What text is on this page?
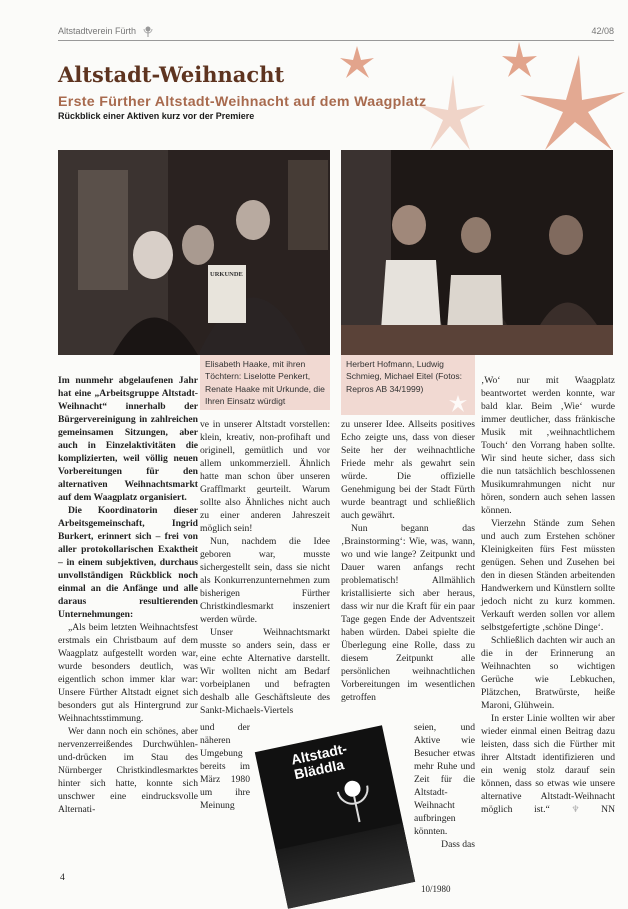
Altstadtverein Fürth	42/08
Altstadt-Weihnacht
Erste Fürther Altstadt-Weihnacht auf dem Waagplatz
Rückblick einer Aktiven kurz vor der Premiere
URKUNDE
Elisabeth Haake, mit ihren Töchtern: Liselotte Penkert, Renate Haake mit Urkunde, die Ihren Einsatz würdigt
Herbert Hofmann, Ludwig Schmieg, Michael Eitel (Fotos: Repros AB 34/1999)

Im nunmehr abgelaufenen Jahr hat eine „Arbeitsgruppe Altstadt-Weihnacht“ innerhalb der Bürgervereinigung in zahlreichen gemeinsamen Sitzungen, aber auch in Einzelaktivitäten die komplizierten, weil völlig neuen Vorbereitungen für den alternativen Weihnachtsmarkt auf dem Waagplatz organisiert.

Die Koordinatorin dieser Arbeitsgemeinschaft, Ingrid Burkert, erinnert sich – frei von aller protokollarischen Exaktheit – in einem subjektiven, durchaus unvollständigen Rückblick noch einmal an die Anfänge und alle daraus resultierenden Unternehmungen:

„Als beim letzten Weihnachtsfest erstmals ein Christbaum auf dem Waagplatz aufgestellt worden war, wurde besonders deutlich, was eigentlich schon immer klar war: Unsere Fürther Altstadt eignet sich besonders gut als Hintergrund zur Weihnachtsstimmung.

Wer dann noch ein schönes, aber nervenzerreißendes Durchwühlen-und-drücken im Stau des Nürnberger Christkindlesmarktes hinter sich hatte, konnte sich unschwer eine eindrucksvolle Alternati-

ve in unserer Altstadt vorstellen: klein, kreativ, non-profihaft und originell, gemütlich und vor allem unkommerziell. Ähnlich hatte man schon über unseren Grafflmarkt geurteilt. Warum sollte also Ähnliches nicht auch zu einer anderen Jahreszeit möglich sein!

Nun, nachdem die Idee geboren war, musste sichergestellt sein, dass sie nicht als Konkurrenzunternehmen zum bisherigen Fürther Christkindlesmarkt inszeniert werden würde.

Unser Weihnachtsmarkt musste so anders sein, dass er eine echte Alternative darstellt. Wir wollten nicht am Bedarf vorbeiplanen und befragten deshalb alle Geschäftsleute des Sankt-Michaels-Viertels

und der näheren Umgebung bereits im März 1980 um ihre Meinung

zu unserer Idee. Allseits positives Echo zeigte uns, dass von dieser Seite her der weihnachtliche Friede mehr als gewahrt sein würde. Die offizielle Genehmigung bei der Stadt Fürth wurde beantragt und schließlich auch gewährt.

Nun begann das ‚Brainstorming‘: Wie, was, wann, wo und wie lange? Zeitpunkt und Dauer waren anfangs recht problematisch! Allmählich kristallisierte sich aber heraus, dass wir nur die Kraft für ein paar Tage gegen Ende der Adventszeit haben würden. Dabei spielte die Überlegung eine Rolle, dass zu diesem Zeitpunkt alle persönlichen weihnachtlichen Vorbereitungen im wesentlichen getroffen

seien, und Aktive wie Besucher etwas mehr Ruhe und Zeit für die Altstadt-Weihnacht aufbringen könnten.

Dass das

‚Wo‘ nur mit Waagplatz beantwortet werden konnte, war bald klar. Beim ‚Wie‘ wurde immer deutlicher, dass fränkische Musik mit ‚weihnachtlichem Touch‘ den Vorrang haben sollte. Wir sind heute sicher, dass sich die nun tatsächlich beschlossenen Musikumrahmungen nicht nur hören, sondern auch sehen lassen können.

Vierzehn Stände zum Sehen und auch zum Erstehen schöner Kleinigkeiten fürs Fest müssten genügen. Sehen und Zusehen bei den in diesen Ständen arbeitenden Handwerkern und Künstlern sollte jedoch nicht zu kurz kommen. Verkauft werden sollen vor allem selbstgefertigte ‚schöne Dinge‘.

Schließlich dachten wir auch an die in der Erinnerung an Weihnachten so wichtigen Gerüche wie Lebkuchen, Plätzchen, Bratwürste, heiße Maroni, Glühwein.

In erster Linie wollten wir aber wieder einmal einen Beitrag dazu leisten, dass sich die Fürther mit ihrer Altstadt identifizieren und ein wenig stolz darauf sein können, dass so etwas wie unsere alternative Altstadt-Weihnacht möglich ist.“ ♆ NN

Altstadt-Bläddla
10/1980
4
